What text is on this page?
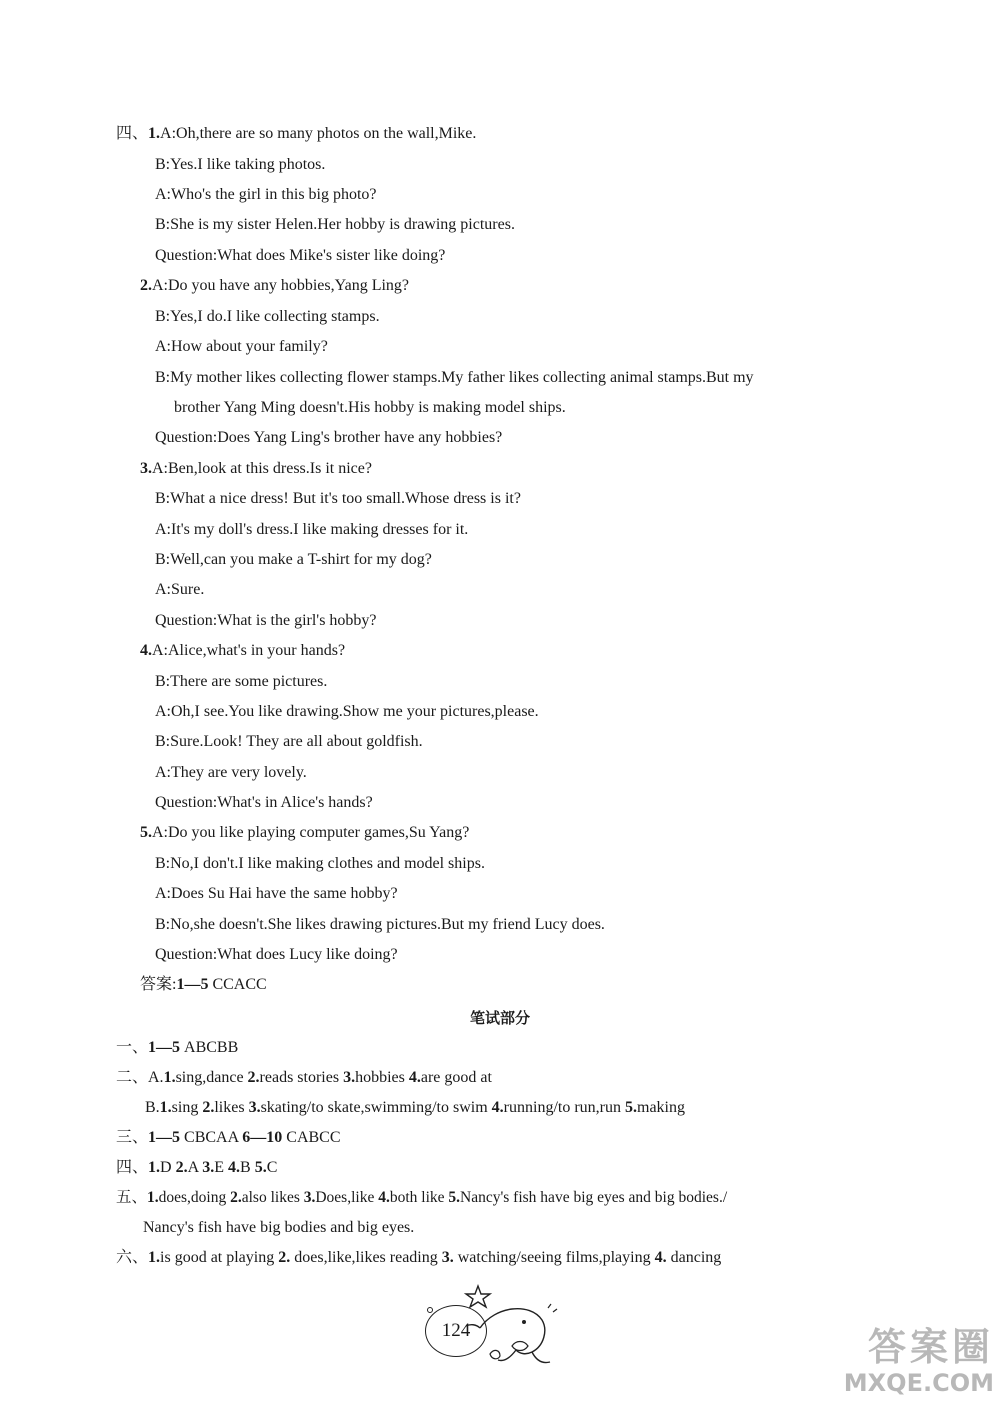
四、1.A:Oh,there are so many photos on the wall,Mike.
B:Yes.I like taking photos.
A:Who's the girl in this big photo?
B:She is my sister Helen.Her hobby is drawing pictures.
Question:What does Mike's sister like doing?
2.A:Do you have any hobbies,Yang Ling?
B:Yes,I do.I like collecting stamps.
A:How about your family?
B:My mother likes collecting flower stamps.My father likes collecting animal stamps.But my
brother Yang Ming doesn't.His hobby is making model ships.
Question:Does Yang Ling's brother have any hobbies?
3.A:Ben,look at this dress.Is it nice?
B:What a nice dress! But it's too small.Whose dress is it?
A:It's my doll's dress.I like making dresses for it.
B:Well,can you make a T-shirt for my dog?
A:Sure.
Question:What is the girl's hobby?
4.A:Alice,what's in your hands?
B:There are some pictures.
A:Oh,I see.You like drawing.Show me your pictures,please.
B:Sure.Look! They are all about goldfish.
A:They are very lovely.
Question:What's in Alice's hands?
5.A:Do you like playing computer games,Su Yang?
B:No,I don't.I like making clothes and model ships.
A:Does Su Hai have the same hobby?
B:No,she doesn't.She likes drawing pictures.But my friend Lucy does.
Question:What does Lucy like doing?
答案:1—5 CCACC
笔试部分
一、1—5 ABCBB
二、A.1.sing,dance 2.reads stories 3.hobbies 4.are good at
B.1.sing 2.likes 3.skating/to skate,swimming/to swim 4.running/to run,run 5.making
三、1—5 CBCAA 6—10 CABCC
四、1.D 2.A 3.E 4.B 5.C
五、1.does,doing 2.also likes 3.Does,like 4.both like 5.Nancy's fish have big eyes and big bodies./
Nancy's fish have big bodies and big eyes.
六、1.is good at playing 2. does,like,likes reading 3. watching/seeing films,playing 4. dancing
124	答案圈
MXQE.COM
